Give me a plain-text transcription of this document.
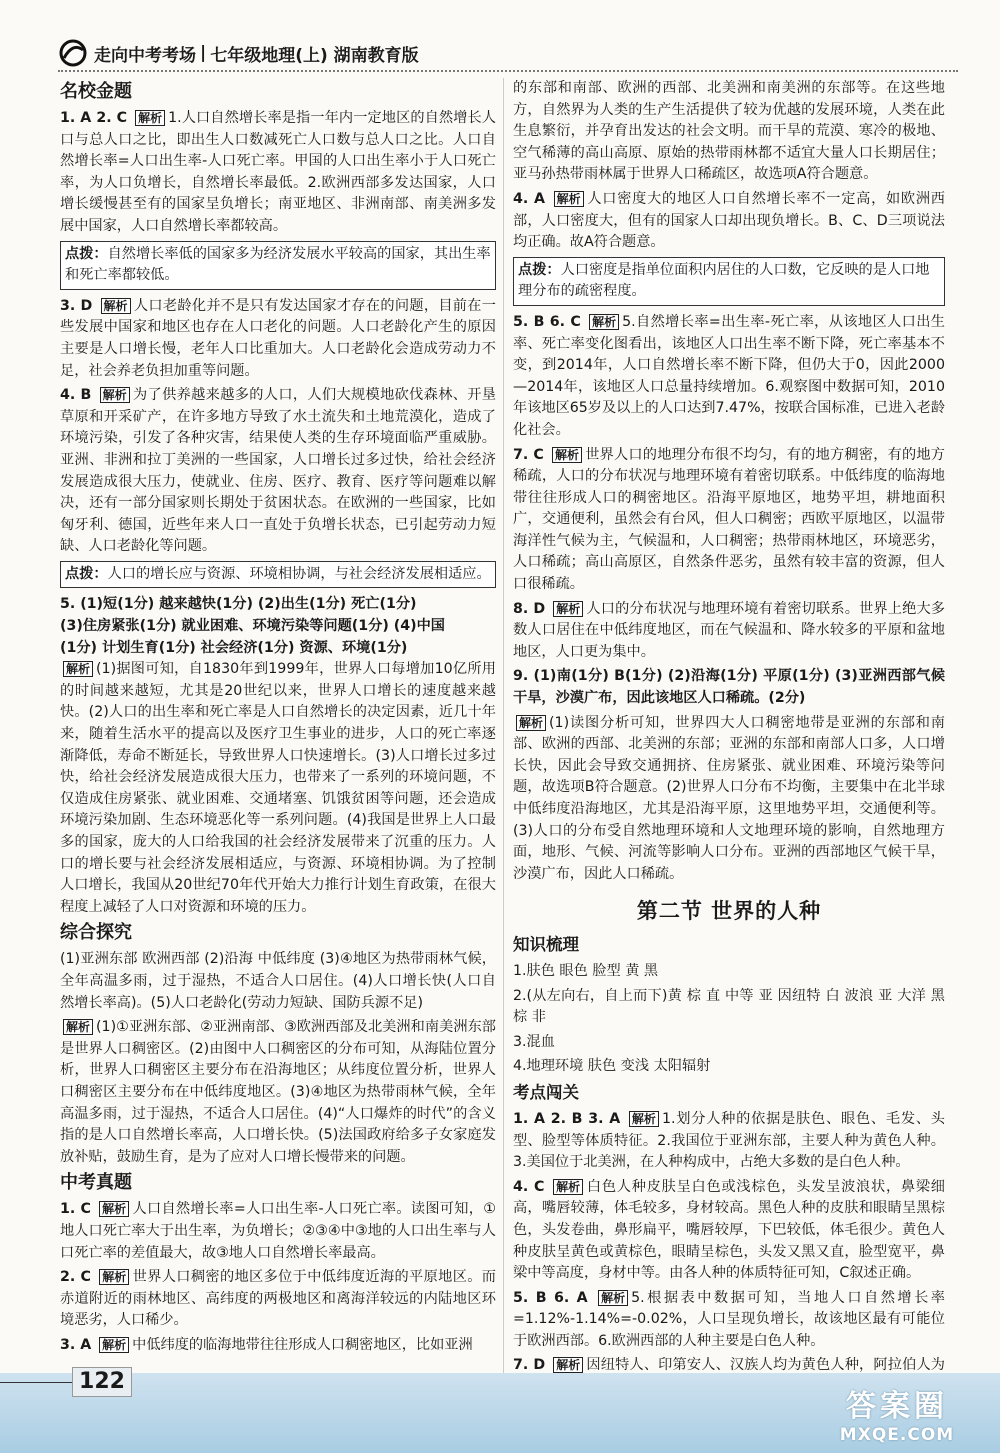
走向中考考场 | 七年级地理(上) 湖南教育版
名校金题

1. A 2. C 解析 1.人口自然增长率是指一年内一定地区的自然增长人口与总人口之比，即出生人口数减死亡人口数与总人口之比。人口自然增长率=人口出生率-人口死亡率。甲国的人口出生率小于人口死亡率，为人口负增长，自然增长率最低。2.欧洲西部多发达国家，人口增长缓慢甚至有的国家呈负增长；南亚地区、非洲南部、南美洲多发展中国家，人口自然增长率都较高。

点拨：自然增长率低的国家多为经济发展水平较高的国家，其出生率和死亡率都较低。

3. D 解析 人口老龄化并不是只有发达国家才存在的问题，目前在一些发展中国家和地区也存在人口老化的问题。人口老龄化产生的原因主要是人口增长慢，老年人口比重加大。人口老龄化会造成劳动力不足，社会养老负担加重等问题。

4. B 解析 为了供养越来越多的人口，人们大规模地砍伐森林、开垦草原和开采矿产，在许多地方导致了水土流失和土地荒漠化，造成了环境污染，引发了各种灾害，结果使人类的生存环境面临严重威胁。亚洲、非洲和拉丁美洲的一些国家，人口增长过多过快，给社会经济发展造成很大压力，使就业、住房、医疗、教育、医疗等问题难以解决，还有一部分国家则长期处于贫困状态。在欧洲的一些国家，比如匈牙利、德国，近些年来人口一直处于负增长状态，已引起劳动力短缺、人口老龄化等问题。

点拨：人口的增长应与资源、环境相协调，与社会经济发展相适应。

5. (1)短(1分) 越来越快(1分) (2)出生(1分) 死亡(1分)

(3)住房紧张(1分) 就业困难、环境污染等问题(1分) (4)中国

(1分) 计划生育(1分) 社会经济(1分) 资源、环境(1分)

解析 (1)据图可知，自1830年到1999年，世界人口每增加10亿所用的时间越来越短，尤其是20世纪以来，世界人口增长的速度越来越快。(2)人口的出生率和死亡率是人口自然增长的决定因素，近几十年来，随着生活水平的提高以及医疗卫生事业的进步，人口的死亡率逐渐降低，寿命不断延长，导致世界人口快速增长。(3)人口增长过多过快，给社会经济发展造成很大压力，也带来了一系列的环境问题，不仅造成住房紧张、就业困难、交通堵塞、饥饿贫困等问题，还会造成环境污染加剧、生态环境恶化等一系列问题。(4)我国是世界上人口最多的国家，庞大的人口给我国的社会经济发展带来了沉重的压力。人口的增长要与社会经济发展相适应，与资源、环境相协调。为了控制人口增长，我国从20世纪70年代开始大力推行计划生育政策，在很大程度上减轻了人口对资源和环境的压力。

综合探究

(1)亚洲东部 欧洲西部 (2)沿海 中低纬度 (3)④地区为热带雨林气候，全年高温多雨，过于湿热，不适合人口居住。(4)人口增长快(人口自然增长率高)。(5)人口老龄化(劳动力短缺、国防兵源不足)

解析 (1)①亚洲东部、②亚洲南部、③欧洲西部及北美洲和南美洲东部是世界人口稠密区。(2)由图中人口稠密区的分布可知，从海陆位置分析，世界人口稠密区主要分布在沿海地区；从纬度位置分析，世界人口稠密区主要分布在中低纬度地区。(3)④地区为热带雨林气候，全年高温多雨，过于湿热，不适合人口居住。(4)“人口爆炸的时代”的含义指的是人口自然增长率高，人口增长快。(5)法国政府给多子女家庭发放补贴，鼓励生育，是为了应对人口增长慢带来的问题。

中考真题

1. C 解析 人口自然增长率=人口出生率-人口死亡率。读图可知，①地人口死亡率大于出生率，为负增长；②③④中③地的人口出生率与人口死亡率的差值最大，故③地人口自然增长率最高。

2. C 解析 世界人口稠密的地区多位于中低纬度近海的平原地区。而赤道附近的雨林地区、高纬度的两极地区和离海洋较远的内陆地区环境恶劣，人口稀少。

3. A 解析 中低纬度的临海地带往往形成人口稠密地区，比如亚洲

的东部和南部、欧洲的西部、北美洲和南美洲的东部等。在这些地方，自然界为人类的生产生活提供了较为优越的发展环境，人类在此生息繁衍，并孕育出发达的社会文明。而干旱的荒漠、寒冷的极地、空气稀薄的高山高原、原始的热带雨林都不适宜大量人口长期居住；亚马孙热带雨林属于世界人口稀疏区，故选项A符合题意。

4. A 解析 人口密度大的地区人口自然增长率不一定高，如欧洲西部，人口密度大，但有的国家人口却出现负增长。B、C、D三项说法均正确。故A符合题意。

点拨：人口密度是指单位面积内居住的人口数，它反映的是人口地理分布的疏密程度。

5. B 6. C 解析 5.自然增长率=出生率-死亡率，从该地区人口出生率、死亡率变化图看出，该地区人口出生率不断下降，死亡率基本不变，到2014年，人口自然增长率不断下降，但仍大于0，因此2000—2014年，该地区人口总量持续增加。6.观察图中数据可知，2010年该地区65岁及以上的人口达到7.47%，按联合国标准，已进入老龄化社会。

7. C 解析 世界人口的地理分布很不均匀，有的地方稠密，有的地方稀疏，人口的分布状况与地理环境有着密切联系。中低纬度的临海地带往往形成人口的稠密地区。沿海平原地区，地势平坦，耕地面积广，交通便利，虽然会有台风，但人口稠密；西欧平原地区，以温带海洋性气候为主，气候温和，人口稠密；热带雨林地区，环境恶劣，人口稀疏；高山高原区，自然条件恶劣，虽然有较丰富的资源，但人口很稀疏。

8. D 解析 人口的分布状况与地理环境有着密切联系。世界上绝大多数人口居住在中低纬度地区，而在气候温和、降水较多的平原和盆地地区，人口更为集中。

9. (1)南(1分) B(1分) (2)沿海(1分) 平原(1分) (3)亚洲西部气候干旱，沙漠广布，因此该地区人口稀疏。(2分)

解析 (1)读图分析可知，世界四大人口稠密地带是亚洲的东部和南部、欧洲的西部、北美洲的东部；亚洲的东部和南部人口多，人口增长快，因此会导致交通拥挤、住房紧张、就业困难、环境污染等问题，故选项B符合题意。(2)世界人口分布不均衡，主要集中在北半球中低纬度沿海地区，尤其是沿海平原，这里地势平坦，交通便利等。(3)人口的分布受自然地理环境和人文地理环境的影响，自然地理方面，地形、气候、河流等影响人口分布。亚洲的西部地区气候干旱，沙漠广布，因此人口稀疏。

第二节 世界的人种
知识梳理

1.肤色 眼色 脸型 黄 黑

2.(从左向右，自上而下)黄 棕 直 中等 亚 因纽特 白 波浪 亚 大洋 黑棕 非

3.混血

4.地理环境 肤色 变浅 太阳辐射

考点闯关

1. A 2. B 3. A 解析 1.划分人种的依据是肤色、眼色、毛发、头型、脸型等体质特征。2.我国位于亚洲东部，主要人种为黄色人种。3.美国位于北美洲，在人种构成中，占绝大多数的是白色人种。

4. C 解析 白色人种皮肤呈白色或浅棕色，头发呈波浪状，鼻梁细高，嘴唇较薄，体毛较多，身材较高。黑色人种的皮肤和眼睛呈黑棕色，头发卷曲，鼻形扁平，嘴唇较厚，下巴较低，体毛很少。黄色人种皮肤呈黄色或黄棕色，眼睛呈棕色，头发又黑又直，脸型宽平，鼻梁中等高度，身材中等。由各人种的体质特征可知，C叙述正确。

5. B 6. A 解析 5.根据表中数据可知，当地人口自然增长率=1.12%-1.14%=-0.02%，人口呈现负增长，故该地区最有可能位于欧洲西部。6.欧洲西部的人种主要是白色人种。

7. D 解析 因纽特人、印第安人、汉族人均为黄色人种，阿拉伯人为

122
答案圈
MXQE.COM
